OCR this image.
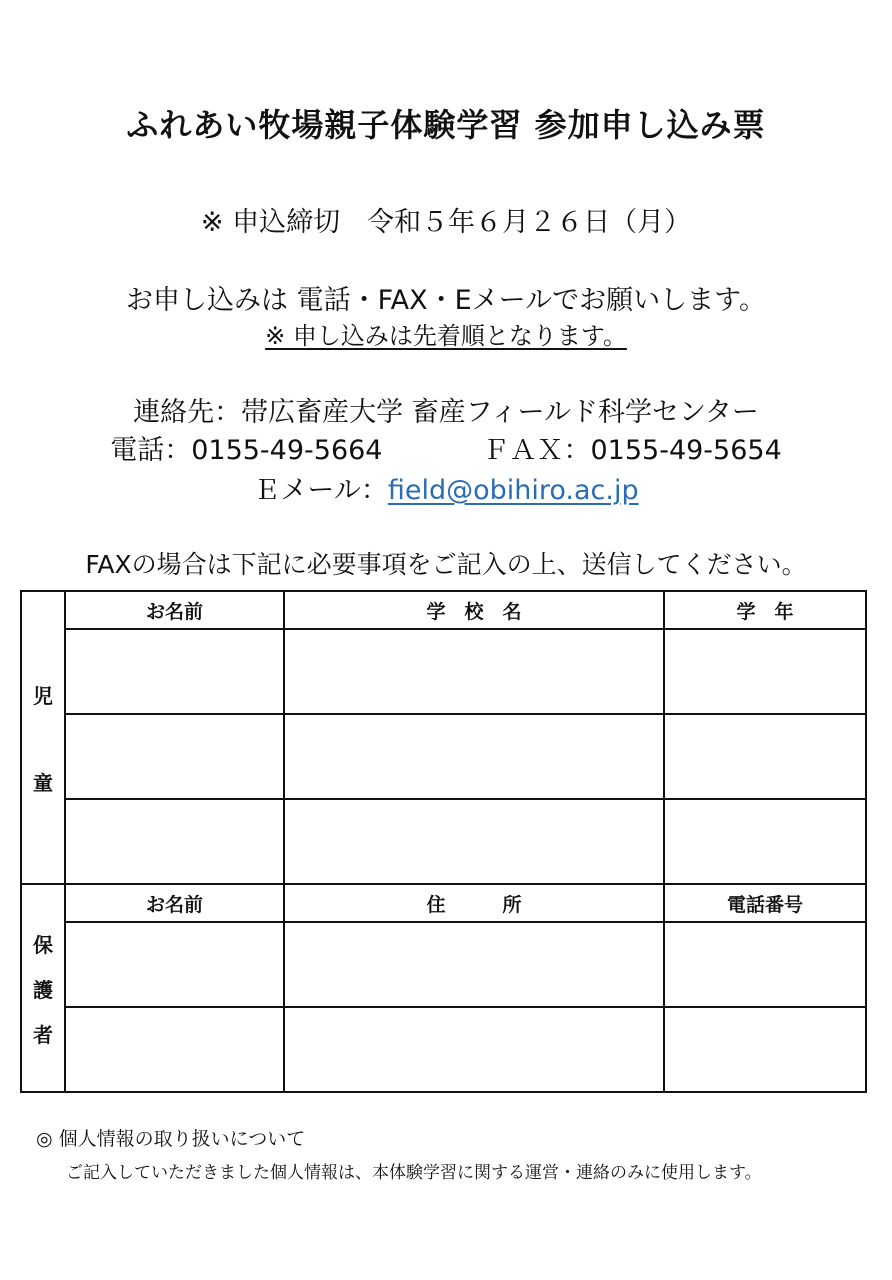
ふれあい牧場親子体験学習 参加申し込み票
※ 申込締切　令和５年６月２６日（月）
お申し込みは 電話・FAX・Eメールでお願いします。
※ 申し込みは先着順となります。
連絡先：帯広畜産大学 畜産フィールド科学センター
電話：0155-49-5664	ＦＡＸ：0155-49-5654
Ｅメール：field@obihiro.ac.jp
FAXの場合は下記に必要事項をご記入の上、送信してください。
児
童	お名前	学　校　名	学　年

保
護
者	お名前	住　　　所	電話番号

◎ 個人情報の取り扱いについて
ご記入していただきました個人情報は、本体験学習に関する運営・連絡のみに使用します。
